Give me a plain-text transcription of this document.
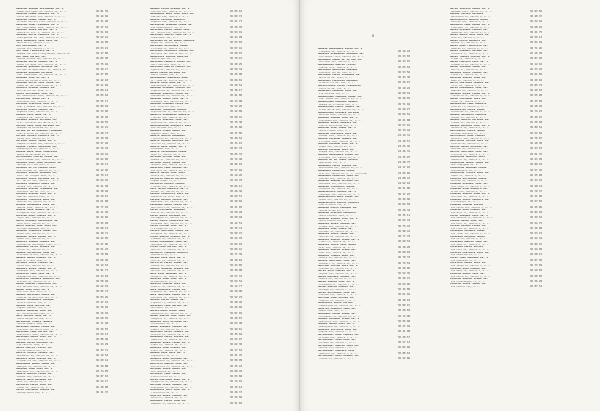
AGUILAR GUERRA ALEJANDRO 4a. 2
Paseo Rodriguez 1a. Mexico 10, D. F.	36 81 39
AGUILAR MUÑOZ GABRIEL 5a. 4
Calle Nacional 301, Mexico 3, D. F.	36 44 66
AGUILAR MUÑOZ JORGE 6a. 1
Alfonso Herrera 1744, Mexico 4, D. F.	45 31 28
AGUILAR LOBO FERNANDO 3a. 2
Av. Cuauhtemoc 1890, Mexico 12, D. F.	36 27 19
AGUIRRE GOMEZ RAFAEL 4a. 3
Sonora 61 Int. 4, Mexico 11, D. F.	36 51 04
AGUIRRE ORTIZ IGNACIO 7a. 2
Insurgentes Sur 508, Mexico 13, D. F.	36 62 41
AHIO GONZALEZ JOSE LUIS 5a.
Reforma 23, Mexico 1, D. F.	46 14 09
AJA ALEJANDRO 3a. 1
Colima 311, Mexico 7, D. F.	45 63 21
AJA SANZ FRANCISCO 8a. 3
Bosque San Pedro Cuajimalpa, Mexico 18	36 17 80
AJA SANZ RAFAEL 4a.
Montes Urales 540, Mexico 10, D. F.	45 82 30
ALARCON ORTIZ MANUEL 2a. 1
Lomas Virreyes 320, Mexico 10, D. F.	45 75 94
ALARCON QUIROGA ANTONIO 4a.
Cerrada de Gobernador 11, Mexico 18	36 20 17
ALARCON QUIROGA ALFONSO
Cda. Cuauhtemoc 40, Mexico 19, D. F.	46 27 85
ALBERRO JOSE DE 6a. 2
Calle Guillermo Prieto 12, D. F.	36 42 18
ALBERRO ORTIZ JOSE JAIME 4a.
Paseo de los Tamarindos 90, D. F.	36 11 84
ALBERTO ALONSO MIGUEL 2a.
Periferico Sur 4118, D. F.	45 80 12
ALBIS GUTIERREZ JOSE 4a.
Av. Revolucion 1025, Mexico 20, D. F.	36 05 62
ALCANTARA MARIA 2a. 1
Zacatecas 125, Mexico 7, D. F.	36 55 17
ALCAZAR CERECEDO JOSE 8a.
Mier y Pesado 150, Mexico 12, D. F.	36 89 04
ALCOCER RIVAS CARLOS 3a.
Eugenia 1320, Mexico 12, D. F.	36 33 90
ALDAMA LUIS HUGO 7a. 2
Tenayuca 44, Mexico 13, D. F.	46 36 20
ALEGRIA ROBLES ALFONSO 5a.
Prol. Division del Norte 2, D. F.	36 28 55
ALEMAN DIAZ JUAN ANTONIO 3a.
Bosques de Duraznos 65, D. F.	36 13 21
ALFARO DE LA BARRERA FERNANDO
Sierra Gorda 44, Mexico 10, D. F.	45 28 73
ALFARO OCAMPO ALBERTO 5a. 3
Moras 430, Mexico 12, D. F.	36 10 38
ALFONSO LOPEZ JORGE 2a. 1
Campos Eliseos 100, Mexico 5, D. F.	36 57 92
ALONSO FLORES SALVADOR 8a.
Guadalajara 85, Mexico 7, D. F.	45 76 34
ALONSO RUIZ JUAN FRANCISCO
Bahia de Ballenas 29, D. F.	36 29 42
ALTAMIRANO CASTRO PEDRO 6a.
Felix Cuevas 301, Mexico 12, D. F.	36 62 85
ALVAREZ ARCE JUAN ANTONIO 3a.
Heriberto Frias 1031, D. F.	45 36 11
ALVAREZ DE LA CADENA LUIS
Rio Mixcoac 25, Mexico 20, D. F.	36 12 40
ALVAREZ GARCIA ARMANDO 5a.
Calz. de Tlalpan 1830, D. F.	46 70 13
ALVAREZ LOPEZ RICARDO 4a. 2
Dr. Vertiz 220, Mexico 7, D. F.	36 94 25
ALVAREZ MORALES ANGEL 3a.
Morena 710, Mexico 12, D. F.	36 41 38
ALVAREZ OLVERA FERNANDO 2a.
Poniente 128 No. 570, D. F.	36 38 04
ALVAREZ RIVERA JOSE 6a. 1
Gabriel Mancera 1540, D. F.	45 19 67
ALVAREZ TRUJILLO RAUL 4a.
Medicos 18, Mexico 20, D. F.	45 61 08
AMADOR HERNANDEZ LUIS 3a.
Amores 1420, Mexico 12, D. F.	36 77 18
AMBRIZ JUAN MANUEL 5a. 2
Pitagoras 810, Mexico 12, D. F.	46 11 40
AMEZCUA RUIZ CARLOS 2a. 1
Tajin 401, Mexico 12, D. F.	36 22 66
ANAYA ALVAREZ GUILLERMO 4a.
Xola 1235, Mexico 12, D. F.	36 55 28
ANAYA GARCIA JOSE LUIS 6a.
Enrique Rebsamen 510, D. F.	45 09 12
ANDRADE CARRILLO JORGE 3a.
Petén 128, Mexico 12, D. F.	36 18 71
ANDRADE GOMEZ RAMON 4a. 3
Uxmal 325, Mexico 12, D. F.	36 42 95
ANGELES VARGAS MIGUEL 2a.
Concepcion Beistegui 1102, D. F.	36 27 06
ANGUIANO ORTIZ SERGIO 5a.
Millet 61, Mexico 19, D. F.	46 51 23
ANGULO ALCANTARA JUAN 3a.
Providencia 818, Mexico 12, D. F.	36 70 89
ANGULO RUBIO MANUEL 7a. 1
Adolfo Prieto 1140, D. F.	45 66 30
ANTUNEZ LOPEZ CARLOS 4a.
Mitla 240, Mexico 12, D. F.	36 14 52
ANZURES GOMEZ JORGE 2a. 2
Palenque 431, Mexico 13, D. F.	36 91 77
APARICIO JUAN JOSE 6a. 1
Anaxagoras 925, Mexico 12, D. F.	45 33 18
APARICIO MORALES ROBERTO 3a.
Bretaña 50, Mexico 13, D. F.	36 58 40
ARANA MORENO FRANCISCO 4a.
Luz Saviñon 610, Mexico 12, D. F.	46 22 19
ARANA VEGA LUIS 5a. 2
Patricio Sanz 1315, D. F.	36 05 73
ARANDA GALLEGOS MARIO 2a.
Cumbres de Maltrata 414, D. F.	36 83 26
ARANDA HERNANDEZ ENRIQUE
Obrero Mundial 230, D. F.	45 47 61
ARANGO DIAZ HECTOR 4a.
Miguel Laurent 712, D. F.	36 39 04
ARAUJO ROBLEDO JOSE 6a.
Av. Universidad 1200, D. F.	36 15 92
ARCE MACIAS JUAN 3a. 1
Santa Margarita 420, D. F.	46 60 35
ARCINIEGA FLORES MANUEL
Matias Romero 1004, D. F.	36 71 48
ARELLANO ALDAMA PEDRO 2a.
Division del Norte 2410, D. F.	36 26 87
ARELLANO CRUZ RAFAEL 5a.
Pestalozzi 1018, Mexico 12, D. F.	45 52 13
ARELLANO GOMEZ JOSE 4a. 3
Heriberto Frias 418, D. F.	36 88 40
ARENAS LOPEZ ANTONIO 7a.
Eje Central 1020, D. F.	36 43 29
ARIAS CORTES FELIPE 3a.
Torres Adalid 815, D. F.	36 32 71
ARISTA CHAVEZ MIGUEL 5a.
Rochester 88, Mexico 18, D. F.	46 19 52
ARMENTA RIOS JAVIER 2a. 2
Filadelfia 140, Mexico 18, D. F.	36 60 14
ARREDONDO BUENO JORGE 4a.
Georgia 52, Mexico 18, D. F.	36 29 88
ARRIAGA CRUZ LUIS 6a. 1
Nebraska 174, Mexico 18, D. F.	45 74 05
ARROYO GARCIA PEDRO 3a.
Kansas 128, Mexico 18, D. F.	36 87 63
ARZATE NAVA RICARDO 5a.
Ohio 34, Mexico 18, D. F.	36 24 17
ASCENCIO LOPEZ JOSE 2a.
Texas 51, Mexico 18, D. F.	46 48 90
AVILA ESPINOSA CARLOS 4a.
Pennsylvania 210, D. F.	36 11 37
ARANDA ELIAS ALONSO 4a. 2
Jalisco 162, Mexico 13, D. F.	45 05 16
ARANGUREN RUIZ JOSE LUIS 3a.
Emerson 240, Mexico 5, D. F.	36 89 72
ARAUJO PASCUAL ROBERTO
Eugenia 418, Mexico 12, D. F.	45 41 77
ARCINIEGA SERRANO PEDRO 3a.
Rio Guadalquivir 51, D. F.	36 36 45
ARELLANO LOPEZ MARIA JOSE
Av. Toluca 230, Mexico 18, D. F.	36 93 91
ARELLANO SANTOS JUAN 2a. 1
Cuauhtemoc 412, D. F.	46 44 28
ARELLANO DE LA GARZA IGNACIO
Reyes 18, Mexico 20, D. F.	36 53 83
ARELLANO GUTIERREZ JORGE
Pirineos 45, Mexico 13, D. F.	36 07 41
ARELLANO OLIVARES JAVIER 4a.
Barranca del Muerto 320, D. F.	45 58 07
ARGUELLES RIVERA AGUSTIN
Heliotropo 141, D. F.	36 70 15
ARELLANO LORENTE PABLO 3a.
San Francisco 1250, D. F.	36 20 29
ARELLANO MARTIN CARLOS 5a.
Ajusco 62, Mexico 13, D. F.	46 56 34
ARMAS PUMON ALFONSO 4a.
Pedro Cosmes 440, D. F.	36 45 08
ARMENDARIZ GONZALEZ RAUL
Dr. Jose Ma. Vertiz 850, D. F.	36 66 81
ARMIJO LEON JUAN 2a. 3
Odontologia 22, Mexico 20, D. F.	45 29 54
ARRIAGA ALMARAZ JAVIER 4a.
Ingenieros 46, Mexico 20, D. F.	36 38 17
ARRIAGA ANGELES JAIME 6a.
Contadores 15, Mexico 20, D. F.	36 91 60
ARRIAGA LAGOS JOSE 3a. 2
Economia 120, Mexico 20, D. F.	46 13 98
ARRIAGA MIRANDA LUCIO 3a.
Cto. Interior 600, D. F.	36 54 26
ARRIAGA TRINIDAD CARLOS
Arquitectos 31, Mexico 20, D. F.	36 22 89
ARRIETA HERNANDEZ ROBERTO
Fisicos 410, Mexico 20, D. F.	45 60 41
ARRIETA SANCHEZ JOSE 5a.
Quimicos 65, Mexico 20, D. F.	36 79 30
ARRIZABALAGA BUSQUETS LUIS
Patriotismo 325, D. F.	36 15 68
ARRONIZ PIÑON ANGEL 2a.
Augusto Rodin 144, D. F.	46 37 06
ARROYO GARCIA BERNARDO
Tintoreto 88, Mexico 18, D. F.	36 48 52
ARROYO MERINO GUSTAVO 4a.
Murillo 21, Mexico 19, D. F.	36 33 15
ARROYO RUIZ JORGE 3a. 1
Velazquez 412, D. F.	45 87 79
ARROYO VILLALOBOS PEDRO
Goya 55, Mexico 19, D. F.	36 05 33
ARTEAGA ALFARO JUAN 6a.
Rubens 27, Mexico 19, D. F.	36 72 48
ARTEAGA LOPEZ MARIO 2a.
Holbein 180, Mexico 18, D. F.	46 26 91
ARZAPALO CRUZ RAMIRO 5a.
Van Dyck 39, Mexico 19, D. F.	36 57 04
ARZATE ROJAS JOSE LUIS
Durero 62, Mexico 19, D. F.	36 19 26
ASCENCIO GARCIA ALFREDO
Miguel Angel 73, D. F.	45 43 70
ASCENCIO OCAMPO ISRAEL
Tiziano 105, Mexico 19, D. F.	36 84 13
ASPE MEJIA ROBERTO 4a. 2
Rafael 58, Mexico 19, D. F.	36 26 36
AVALOS CERVANTES LUIS 3a.
Leonardo da Vinci 240, D. F.	46 69 57
AVELAR ROMERO JAVIER 5a.
Rembrandt 48, Mexico 19, D. F.	36 40 82
AVENDAÑO GOMEZ MARIO 2a.
Botticelli 14, Mexico 19, D. F.	36 31 05
AVILA ESPINOSA EDUARDO
Giotto 92, Mexico 19, D. F.	45 50 28
AVILA GOMEZ RICARDO 4a.
Correggio 33, Mexico 19, D. F.	36 68 94
AVILA LOPEZ FRANCISCO 6a.
Veronese 129, Mexico 19, D. F.	36 12 51
AVILA PATIÑO JOSE 3a. 1
Fra Angelico 74, D. F.	46 35 74
AVILES MARTINEZ MARIO 5a.
Perugino 16, Mexico 19, D. F.	36 59 47
AYALA GARCIA MIGUEL 2a. 2
Cimabue 81, Mexico 19, D. F.	36 24 70
AYALA HERNANDEZ JUAN 4a.
Mantegna 55, Mexico 19, D. F.	45 82 93
AYALA PEÑA RAFAEL 3a. 1
Bellini 37, Mexico 19, D. F.	36 06 16
AZCARATE CARRERA ALBERTO
Donatello 22, D. F.	36 77 39
AZCONA DIAZ LUIS 6a. 2
Cellini 19, Mexico 19, D. F.	46 18 62
AZPEITIA LOPEZ JORGE 5a.
Canova 40, Mexico 19, D. F.	36 43 85
AZUELA HERRERA SERGIO 2a.
Bernini 11, Mexico 19, D. F.	36 30 08
BACA RIOS ARMANDO 4a. 3
Ghiberti 26, Mexico 19, D. F.	45 57 31
BADILLO CRUZ JOSE 3a. 1
Brunelleschi 13, D. F.	36 64 54
BADILLO MORENO LUIS 5a.
Alberti 45, Mexico 19, D. F.	36 14 77
BAEZ GONZALEZ PEDRO 2a.
Bramante 88, Mexico 19, D. F.	46 39 00
BAEZ MARTINEZ MARIO 4a. 2
Palladio 34, Mexico 19, D. F.	36 52 23
BAHENA LOPEZ JORGE 6a.
Vignola 71, Mexico 19, D. F.	36 28 46
BALDERAS CRUZ RAFAEL 3a.
Borromini 58, D. F.	45 46 69
BALLESTEROS PEREZ JUAN
Sansovino 29, Mexico 19, D. F.	36 87 92
BANDA GARCIA JOSE LUIS 5a.
Sangallo 17, Mexico 19, D. F.	36 20 15
BARAJAS SOTO ALFONSO 2a.
Michelozzo 64, D. F.	46 63 38
BARBA VAZQUEZ CARLOS 4a.
Vasari 49, Mexico 19, D. F.	36 49 61
BARCENAS ORTIZ MANUEL 3a.
Uccello 12, Mexico 19, D. F.	36 35 84
BARRAGAN LOPEZ JAVIER 5a.
Masaccio 76, Mexico 19, D. F.	45 54 07
BARRERA GOMEZ PEDRO 2a. 1
Lippi 23, Mexico 19, D. F.	36 62 30
BARRIOS CRUZ MIGUEL 4a.
Piero 91, Mexico 19, D. F.	36 17 53
BARRON DIAZ LUIS 6a. 3
Signorelli 38, D. F.	46 31 76
BASURTO RUIZ ANTONIO 3a.
Pollaiuolo 15, Mexico 19, D. F.	36 58 99
BAUTISTA GARCIA JOSE 5a.
Verrocchio 67, Mexico 19, D. F.	36 25 22
BECERRA LOPEZ ANGEL 2a.
Ghirlandaio 44, D. F.	45 80 45
BECERRIL CRUZ JORGE 4a.
Pinturicchio 20, D. F.	36 03 68
BELLO MARTINEZ RAUL 3a. 2
Carpaccio 55, Mexico 19, D. F.	36 74 91
BELTRAN PEREZ MANUEL 5a.
Giorgione 31, Mexico 19, D. F.	46 15 14
BENAVIDES SOTO JOSE 2a. 1
Tintoretto 84, D. F.	36 46 37
BENITEZ GOMEZ CARLOS 4a.
Lotto 27, Mexico 19, D. F.	36 32 60
BERMUDEZ LOPEZ JUAN 6a.
Bassano 53, Mexico 19, D. F.	45 51 83
8
BARRIO RODRIGUEZ OSCAR 2a. 2
Tlaxpana 46, Mexico 17, D. F.	46 19 24
BARRIOS HERNANDEZ ROLANDO 4a.
Cuitlahuac 3131, Mexico 16, D. F.	45 23 03
BALAGUER MARIA DE LA LUZ 3a.
Sullivan 201, Mexico 4, D. F.	46 13 97
BALANZARIO GARCIA FELIPE
Fuente 79-1, Mexico 9, D. F.	36 65 64
BALCAZAR QUINTERO ENRIQUE
Poniente 116 No. 600, D. F.	36 53 56
BALCAZAR LOPEZ EVERARDO 2a.
Norte 62 No. 4610, D. F.	36 34 30
BALDERAS PALACIOS ARMANDO
Oriente 172 No. 181, D. F.	45 39 15
BALLESTEROS VILLA FLORENCIO
Calle 10 No. 130, D. F.	36 10 24
BANDERAS HERRERA JOSE 3a.
Via Morelos 340, D. F.	46 68 91
BARBACHANO CORDERO JORGE 4a.
Cda. Andes 105, Mexico 10, D. F.	36 28 65
BARBACHANO HERRERA MANUEL
Bosque de Ciruelos 140, D. F.	45 71 04
BARBACHANO PONCE MIGUEL 5a.
Prado Norte 590, Mexico 10, D. F.	36 49 27
BARBACHANO ALVAREZ ALFONSO
Reforma 1860, Mexico 10, D. F.	36 84 52
BARBOSA LOZADA JOSE 2a. 1
Explanada 905, Mexico 10, D. F.	46 21 88
BARBOSA GOMEZ GABRIEL 3a.
Sierra Vertientes 670, D. F.	36 57 10
BARCENA LEAL JORGE 4a. 2
Monte Libano 1250, D. F.	36 33 44
BARCENA MARTINEZ LUIS 6a.
Palmas 1005, Mexico 10, D. F.	24 19 31
BARCON PALOMAR MANUEL 3a.
Virreyes 1240, Mexico 10, D. F.	24 10 57
BARCON PALOMAR JOSE 5a. 1
Alpes 960, Mexico 10, D. F.	24 25 46
BARCON PALOMAR LUIS 2a.
Vosgos 220, Mexico 10, D. F.	24 46 31
BARCON RODRIGUEZ PEDRO 4a.
Pirineos 735, Mexico 10, D. F.	24 35 97
BARCON DE LA TORRE JAVIER
Apalaches 310, D. F.	24 28 75
BARRAGAN LOPEZ CARLOS 3a.
Rocallosas 615, Mexico 10, D. F.	24 17 03
BARRAGAN ZENDEJAS PEDRO
Ural 84, Mexico 10, D. F. (Oficina)	24 56 69
BARRAGAN ZENDEJAS JUAN 5a.
Caucaso 204, Mexico 10, D. F.	24 08 43
BARREDA GUZMAN ALFONSO 2a.
Balcanes 118, Mexico 10, D. F.	24 62 18
BARREDA ESCALANTE RAMON
Carpatos 92, Mexico 10, D. F.	36 51 80
BARRENECHEA CARLOS 4a. 3
Himalaya 340, Mexico 10, D. F.	36 37 22
BARRENECHEA RUIZ JORGE 3a.
Andes 415, Mexico 10, D. F.	36 29 06
BARRENECHEA PORTAS ALBERTO
Sierra Madre 710, D. F.	36 84 59
BARRERA ANAYA ENRIQUE 6a.
Montes Atlas 29, D. F.	45 20 34
BARRERA LEDESMA HUMBERTO
Monte Everest 1105, D. F.	36 35 11
BARRERA VALDES JOSE 2a. 2
Monte Blanco 635, D. F.	36 94 33
BARRIOS GOMEZ SERGIO 5a.
Olimpo 220, Mexico 10, D. F.	36 75 43
BARRIOS JOSE PABLO 3a.
Parnaso 32, Mexico 10, D. F.	36 90 43
BARRIOS LOPEZ JORGE 4a.
Helicon 18, Mexico 10, D. F.	36 77 79
BARRIOS GARCIA PEDRO 2a. 1
Tibet 72, Mexico 10, D. F.	36 69 53
BARRIOS LOPEZ JOSE MARIA
Ural 204, Mexico 10, D. F.	36 18 20
BARROSO GARCIA PEDRO 6a.
Cobi 415, Mexico 10, D. F.	36 68 82
BARROSO TORRES RAUL 3a.
Sahara 56, Mexico 10, D. F.	36 78 33
BASAVE MARTINEZ JOSE 5a.
Kalahari 31, Mexico 10, D. F.	46 79 52
BASTIDA CASTRO LUIS 2a. 2
Atacama 18, Mexico 10, D. F.	36 20 66
BATIZ SOTO CARLOS 4a. 1
Mojave 240, Mexico 10, D. F.	36 54 35
BAZAN RAMIREZ MIGUEL 3a.
Sonora 88, Mexico 11, D. F.	36 40 21
BAZAN VARGAS JOSE 6a. 2
Chihuahua 37, Mexico 7, D. F.	45 64 06
BEJAR GARCIA MANUEL 5a.
Durango 19, Mexico 7, D. F.	36 16 80
BELLO GUTIERREZ JOSE 2a.
Sinaloa 145, Mexico 7, D. F.	36 61 92
BELTRAN CRUZ ARTURO 4a.
Tampico 41, Mexico 7, D. F.	46 28 63
BENAVIDES LOPEZ RAFAEL
Tamaulipas 61, Mexico 11, D. F.	36 89 15
BENITEZ MORALES JUAN 3a.
Nuevo Leon 160, D. F.	36 48 83
BERMUDEZ OCHOA JORGE 5a.
Michoacan 78, Mexico 11, D. F.	45 72 90
BERNAL ALVAREZ PEDRO 2a. 1
Queretaro 215, Mexico 7, D. F.	36 56 68
BERNAL GOMEZ LUIS 4a. 3
Guanajuato 90, Mexico 7, D. F.	36 37 94
BERRIOS CASTILLO JOSE 6a.
Puebla 230, Mexico 7, D. F.	46 41 08
BETANCOURT RUIZ CARLOS 3a.
Orizaba 101, Mexico 7, D. F.	36 20 57
BETANCOURT VEGA LUIS 5a.
Cordoba 48, Mexico 7, D. F.	36 57 12
BETANCOURT GARCIA JUAN 2a.
Merida 133, Mexico 7, D. F.	45 82 60
BETANCOURT MORALES JOSE
Medellin 81, Mexico 7, D. F.	45 80 63
BETANCOURT RIOS MIGUEL 4a.
Tonala 55, Mexico 7, D. F.	36 22 86
BOYSA VALLEJO MARIO 3a. 2
Bahamas 1245, Mexico 13, D. F.	45 93 56
BOZANO CRESPO ANTONIO
Barcelona 16, Mexico 6, D. F.	36 48 37
BRACAMONTES GARCIA MARIO
Londres 165, Mexico 6, D. F.	36 34 62
BRAMBILA CRUZ RAMON 4a. 2
Liverpool 72, Mexico 6, D. F.	36 68 10
BRAVO ALVAREZ CARLOS 2a.
Hamburgo 231, Mexico 6, D. F.	36 21 75
BRAVO GOMEZ JOSE LUIS 5a.
Niza 45, Mexico 6, D. F.	46 59 13
BRAVO MEJIA ROBERTO 3a.
Genova 33, Mexico 6, D. F.	36 04 49
BRAVO RUIZ FRANCISCO 6a.
Amberes 12, Mexico 6, D. F.	36 71 26
BRAVO LAGUNES ARTURO 4a.
Varsovia 57, Mexico 6, D. F.	45 16 38
BRAVO TORRES JAVIER 2a. 1
Praga 39, Mexico 6, D. F.	36 87 20
BRENA PADILLA LUIS 5a. 3
Dinamarca 84, Mexico 6, D. F.	36 12 91
BRENA SALAZAR JORGE 3a.
Berlin 17, Mexico 6, D. F.	46 33 45
BRINGAS LOPEZ CARLOS 4a.
Viena 21, Mexico 21, D. F.	36 61 82
BRISEÑO GARCIA JUAN 2a.
Roma 41, Mexico 6, D. F.	36 29 04
BRITO MARTINEZ MANUEL 6a.
Turin 28, Mexico 6, D. F.	45 85 74
BUCIO HERNANDEZ JOSE 3a.
Napoles 64, Mexico 6, D. F.	36 10 53
BUENDIA GOMEZ PEDRO 5a. 2
Florencia 30, Mexico 6, D. F.	36 55 90
BUENO ESPINOSA LUIS 4a.
Milan 14, Mexico 6, D. F.	36 35 09
BUENROSTRO CRUZ ROBERTO
Lucerna 71, Mexico 6, D. F.	46 28 45
BUENROSTRO LOPEZ JORGE
Versalles 93, Mexico 6, D. F.	36 74 22
BURGOA ORIHUELA IGNACIO
Atenas 44, Mexico 6, D. F.	36 46 15
BURGOS GARCIA ALFREDO 2a.
Lisboa 52, Mexico 6, D. F.	45 30 38
BURGOS RAMIREZ JOSE 3a. 1
Marsella 26, Mexico 6, D. F.	36 89 61
BUSTAMANTE LOPEZ MARIO
Abraham Gonzalez 67, D. F.	36 52 84
BUSTAMANTE RUIZ CARLOS
Bucareli 108, Mexico 6, D. F.	46 70 07
BUSTILLOS CASTRO LUIS 5a.
Lucerna 40, Mexico 6, D. F.	36 18 30
BUSTOS GOMEZ ANTONIO 4a.
Morelos 92, Mexico 6, D. F.	36 43 53
BUSTOS MARTINEZ JOSE 2a.
Iturbide 35, Mexico 1, D. F.	45 61 76
CABALLERO ARMENTA LUIS
Humboldt 44, Mexico 1, D. F.	36 23 99
CABALLERO GOMEZ JORGE 6a.
Revillagigedo 24, D. F.	36 80 22
CABALLERO NAVARRO PEDRO
Ayuntamiento 95, D. F.	36 57 45
CABALLERO TELLEZ RAUL 3a.
Lopez 15, Mexico 1, D. F.	46 35 68
CABELLO GUTIERREZ MARIO
Dolores 42, Mexico 1, D. F.	36 14 91
CABRERA ALVAREZ JOSE 5a.
Luis Moya 73, Mexico 1, D. F.	36 48 14
CABRERA DIAZ RODOLFO 2a.
Artes 130, Mexico 4, D. F.	45 70 37
CABRERA GARCIA JUAN 4a. 1
Sullivan 43, Mexico 4, D. F.	36 31 60
CABRERA LOPEZ ALBERTO 3a.
Villalongin 94, D. F.	36 67 83
CABRERA MORENO JAVIER
Rio Lerma 122, Mexico 5, D. F.	46 25 06
CABRERA RUIZ MANUEL 6a.
Rio Nilo 57, Mexico 5, D. F.	36 82 29
CACHO VAZQUEZ LUIS 5a. 2
Rio Danubio 31, Mexico 5, D. F.	36 39 52
CADENA GOMEZ JOSE 2a.
Rio Rhin 15, Mexico 5, D. F.	45 54 75
CAJIGA RIVERA PEDRO 4a.
Rio Elba 20, Mexico 5, D. F.	36 16 98
CALDERON ALVAREZ JORGE
Rio Tiber 64, Mexico 5, D. F.	36 53 21
CALDERON BECERRA MARIO
Rio Po 38, Mexico 5, D. F.	46 42 44
CALDERON GARCIA JUAN 3a.
Rio Sena 27, Mexico 5, D. F.	36 86 67
CALDERON LOPEZ RAFAEL
Rio Ebro 82, Mexico 5, D. F.	36 24 90
CALLEJA MARTINEZ JOSE 5a.
Rio Guadiana 44, D. F.	45 68 13
CALVA CRUZ ARMANDO 2a. 1
Rio Amazonas 55, D. F.	36 07 36
CALVILLO GOMEZ LUIS 4a.
Rio Volga 18, Mexico 5, D. F.	36 73 59
CALZADA RUIZ MANUEL 6a.
Rio Neva 30, Mexico 5, D. F.	46 19 82
CAMACHO ARIAS JOSE 3a.
Rio Marne 22, Mexico 5, D. F.	36 50 05
CAMACHO GARCIA PEDRO 5a.
Rio Mississippi 71, D. F.	36 36 28
CAMACHO LOPEZ JORGE 2a.
Rio Panuco 115, D. F.	45 87 51
